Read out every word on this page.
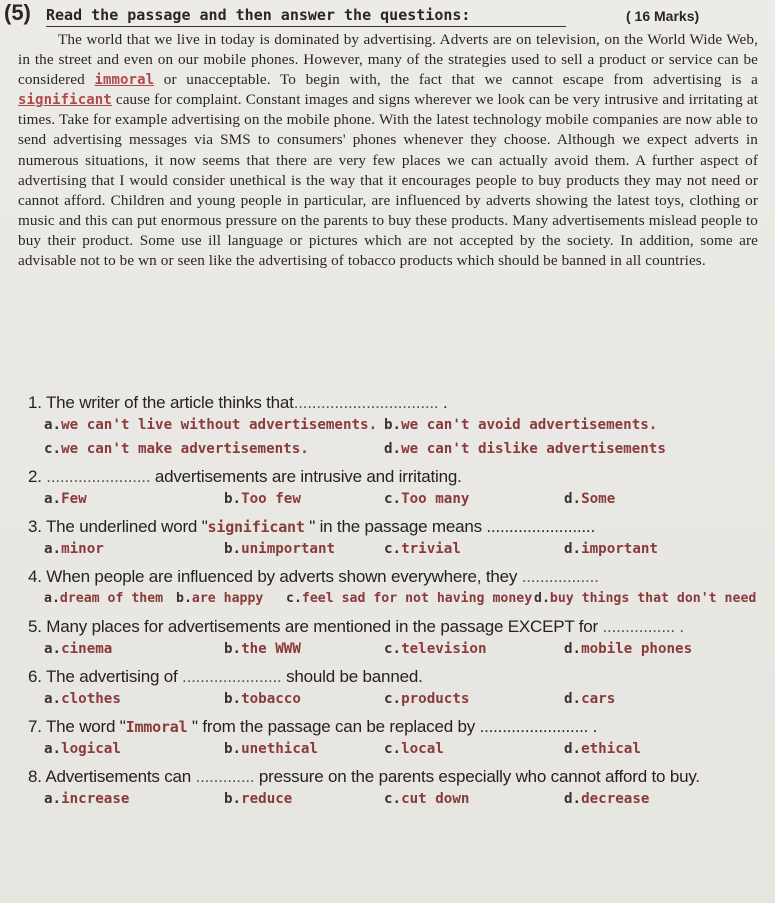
(5) Read the passage and then answer the questions:	( 16 Marks)
The world that we live in today is dominated by advertising. Adverts are on television, on the World Wide Web, in the street and even on our mobile phones. However, many of the strategies used to sell a product or service can be considered immoral or unacceptable. To begin with, the fact that we cannot escape from advertising is a significant cause for complaint. Constant images and signs wherever we look can be very intrusive and irritating at times. Take for example advertising on the mobile phone. With the latest technology mobile companies are now able to send advertising messages via SMS to consumers' phones whenever they choose. Although we expect adverts in numerous situations, it now seems that there are very few places we can actually avoid them. A further aspect of advertising that I would consider unethical is the way that it encourages people to buy products they may not need or cannot afford. Children and young people in particular, are influenced by adverts showing the latest toys, clothing or music and this can put enormous pressure on the parents to buy these products. Many advertisements mislead people to buy their product. Some use ill language or pictures which are not accepted by the society. In addition, some are advisable not to be wn or seen like the advertising of tobacco products which should be banned in all countries.
1. The writer of the article thinks that................................ .
a.we can't live without advertisements. b.we can't avoid advertisements.
c.we can't make advertisements.	d.we can't dislike advertisements
2. ....................... advertisements are intrusive and irritating.
a.Few	b.Too few	c.Too many	d.Some
3. The underlined word "significant " in the passage means ........................
a.minor	b.unimportant	c.trivial	d.important
4. When people are influenced by adverts shown everywhere, they .................
a.dream of them b.are happy c.feel sad for not having money d.buy things that don't need
5. Many places for advertisements are mentioned in the passage EXCEPT for ................ .
a.cinema	b.the WWW	c.television	d.mobile phones
6. The advertising of ...................... should be banned.
a.clothes	b.tobacco	c.products	d.cars
7. The word "Immoral " from the passage can be replaced by ........................ .
a.logical	b.unethical	c.local	d.ethical
8. Advertisements can ............. pressure on the parents especially who cannot afford to buy.
a.increase	b.reduce	c.cut down	d.decrease
